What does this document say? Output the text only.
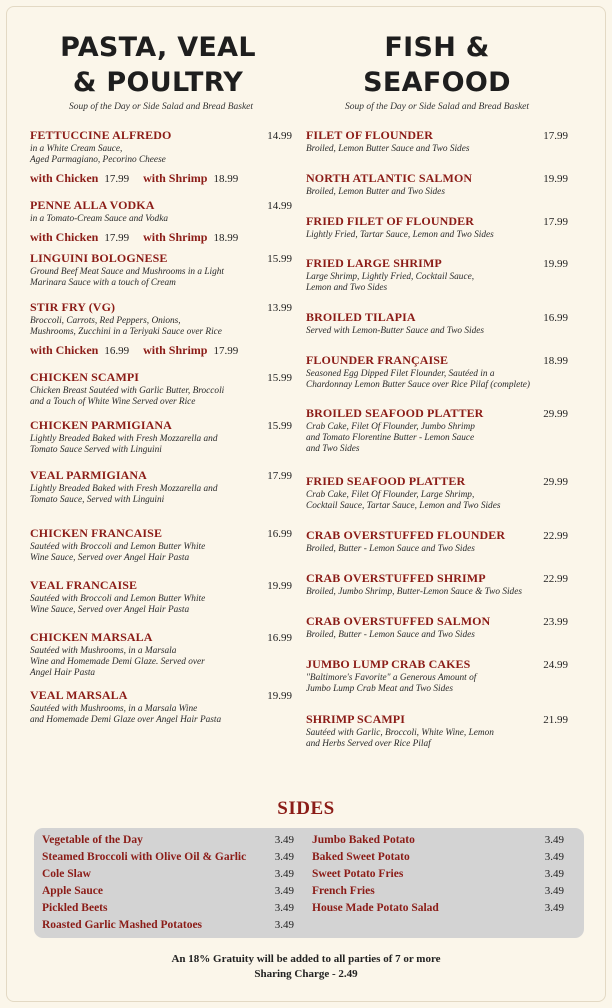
PASTA, VEAL
& POULTRY
Soup of the Day or Side Salad and Bread Basket
FETTUCCINE ALFREDO	14.99
in a White Cream Sauce,
Aged Parmagiano, Pecorino Cheese
with Chicken 17.99 with Shrimp 18.99
PENNE ALLA VODKA	14.99
in a Tomato-Cream Sauce and Vodka
with Chicken 17.99 with Shrimp 18.99
LINGUINI BOLOGNESE	15.99
Ground Beef Meat Sauce and Mushrooms in a Light
Marinara Sauce with a touch of Cream
STIR FRY (VG)	13.99
Broccoli, Carrots, Red Peppers, Onions,
Mushrooms, Zucchini in a Teriyaki Sauce over Rice
with Chicken 16.99 with Shrimp 17.99
CHICKEN SCAMPI	15.99
Chicken Breast Sautéed with Garlic Butter, Broccoli
and a Touch of White Wine Served over Rice
CHICKEN PARMIGIANA	15.99
Lightly Breaded Baked with Fresh Mozzarella and
Tomato Sauce Served with Linguini
VEAL PARMIGIANA	17.99
Lightly Breaded Baked with Fresh Mozzarella and
Tomato Sauce, Served with Linguini
CHICKEN FRANCAISE	16.99
Sautéed with Broccoli and Lemon Butter White
Wine Sauce, Served over Angel Hair Pasta
VEAL FRANCAISE	19.99
Sautéed with Broccoli and Lemon Butter White
Wine Sauce, Served over Angel Hair Pasta
CHICKEN MARSALA	16.99
Sautéed with Mushrooms, in a Marsala
Wine and Homemade Demi Glaze. Served over
Angel Hair Pasta
VEAL MARSALA	19.99
Sautéed with Mushrooms, in a Marsala Wine
and Homemade Demi Glaze over Angel Hair Pasta
FISH &
SEAFOOD
Soup of the Day or Side Salad and Bread Basket
FILET OF FLOUNDER	17.99
Broiled, Lemon Butter Sauce and Two Sides
NORTH ATLANTIC SALMON	19.99
Broiled, Lemon Butter and Two Sides
FRIED FILET OF FLOUNDER	17.99
Lightly Fried, Tartar Sauce, Lemon and Two Sides
FRIED LARGE SHRIMP	19.99
Large Shrimp, Lightly Fried, Cocktail Sauce,
Lemon and Two Sides
BROILED TILAPIA	16.99
Served with Lemon-Butter Sauce and Two Sides
FLOUNDER FRANÇAISE	18.99
Seasoned Egg Dipped Filet Flounder, Sautéed in a
Chardonnay Lemon Butter Sauce over Rice Pilaf (complete)
BROILED SEAFOOD PLATTER	29.99
Crab Cake, Filet Of Flounder, Jumbo Shrimp
and Tomato Florentine Butter - Lemon Sauce
and Two Sides
FRIED SEAFOOD PLATTER	29.99
Crab Cake, Filet Of Flounder, Large Shrimp,
Cocktail Sauce, Tartar Sauce, Lemon and Two Sides
CRAB OVERSTUFFED FLOUNDER	22.99
Broiled, Butter - Lemon Sauce and Two Sides
CRAB OVERSTUFFED SHRIMP	22.99
Broiled, Jumbo Shrimp, Butter-Lemon Sauce & Two Sides
CRAB OVERSTUFFED SALMON	23.99
Broiled, Butter - Lemon Sauce and Two Sides
JUMBO LUMP CRAB CAKES	24.99
"Baltimore's Favorite" a Generous Amount of
Jumbo Lump Crab Meat and Two Sides
SHRIMP SCAMPI	21.99
Sautéed with Garlic, Broccoli, White Wine, Lemon
and Herbs Served over Rice Pilaf
SIDES
Vegetable of the Day	3.49
Steamed Broccoli with Olive Oil & Garlic	3.49
Cole Slaw	3.49
Apple Sauce	3.49
Pickled Beets	3.49
Roasted Garlic Mashed Potatoes	3.49
Jumbo Baked Potato	3.49
Baked Sweet Potato	3.49
Sweet Potato Fries	3.49
French Fries	3.49
House Made Potato Salad	3.49
An 18% Gratuity will be added to all parties of 7 or more
Sharing Charge - 2.49
